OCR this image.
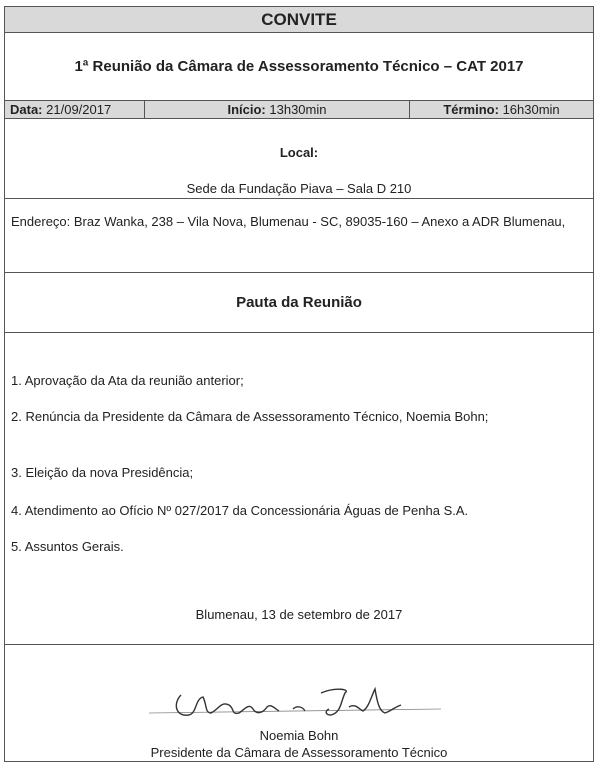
CONVITE
1ª Reunião da Câmara de Assessoramento Técnico – CAT 2017
Data: 21/09/2017	Início: 13h30min	Término: 16h30min
Local:
Sede da Fundação Piava – Sala D 210
Endereço: Braz Wanka, 238 – Vila Nova, Blumenau - SC, 89035-160 – Anexo a ADR Blumenau,
Pauta da Reunião
1. Aprovação da Ata da reunião anterior;
2. Renúncia da Presidente da Câmara de Assessoramento Técnico, Noemia Bohn;
3. Eleição da nova Presidência;
4. Atendimento ao Ofício Nº 027/2017 da Concessionária Águas de Penha S.A.
5. Assuntos Gerais.
Blumenau, 13 de setembro de 2017
Noemia Bohn
Presidente da Câmara de Assessoramento Técnico
